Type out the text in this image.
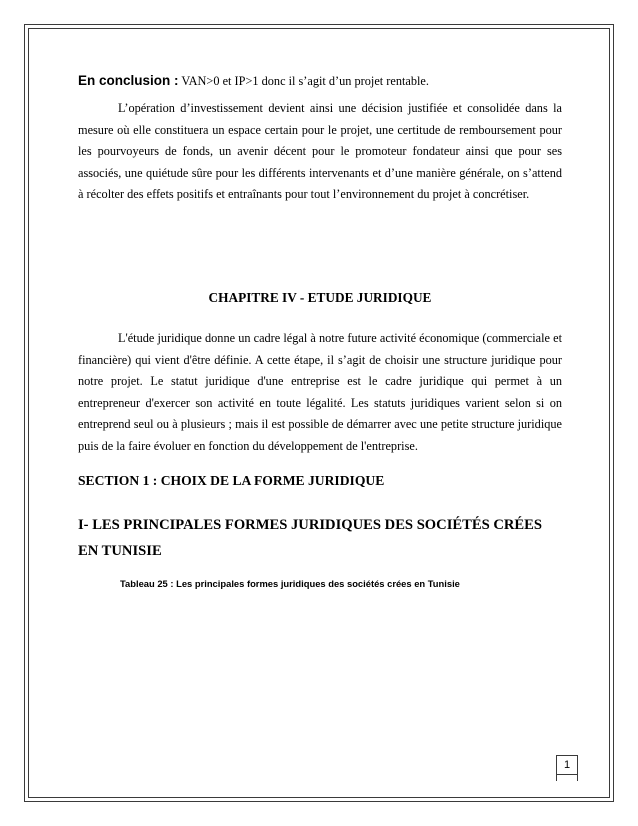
En conclusion : VAN>0 et IP>1 donc il s’agit d’un projet rentable.

L’opération d’investissement devient ainsi une décision justifiée et consolidée dans la mesure où elle constituera un espace certain pour le projet, une certitude de remboursement pour les pourvoyeurs de fonds, un avenir décent pour le promoteur fondateur ainsi que pour ses associés, une quiétude sûre pour les différents intervenants et d’une manière générale, on s’attend à récolter des effets positifs et entraînants pour tout l’environnement du projet à concrétiser.

CHAPITRE IV - ETUDE JURIDIQUE

L'étude juridique donne un cadre légal à notre future activité économique (commerciale et financière) qui vient d'être définie. A cette étape, il s’agit de choisir une structure juridique pour notre projet. Le statut juridique d'une entreprise est le cadre juridique qui permet à un entrepreneur d'exercer son activité en toute légalité. Les statuts juridiques varient selon si on entreprend seul ou à plusieurs ; mais il est possible de démarrer avec une petite structure juridique puis de la faire évoluer en fonction du développement de l'entreprise.

SECTION 1 : CHOIX DE LA FORME JURIDIQUE

I- LES PRINCIPALES FORMES JURIDIQUES DES SOCIÉTÉS CRÉES EN TUNISIE

Tableau 25 : Les principales formes juridiques des sociétés crées en Tunisie

1
